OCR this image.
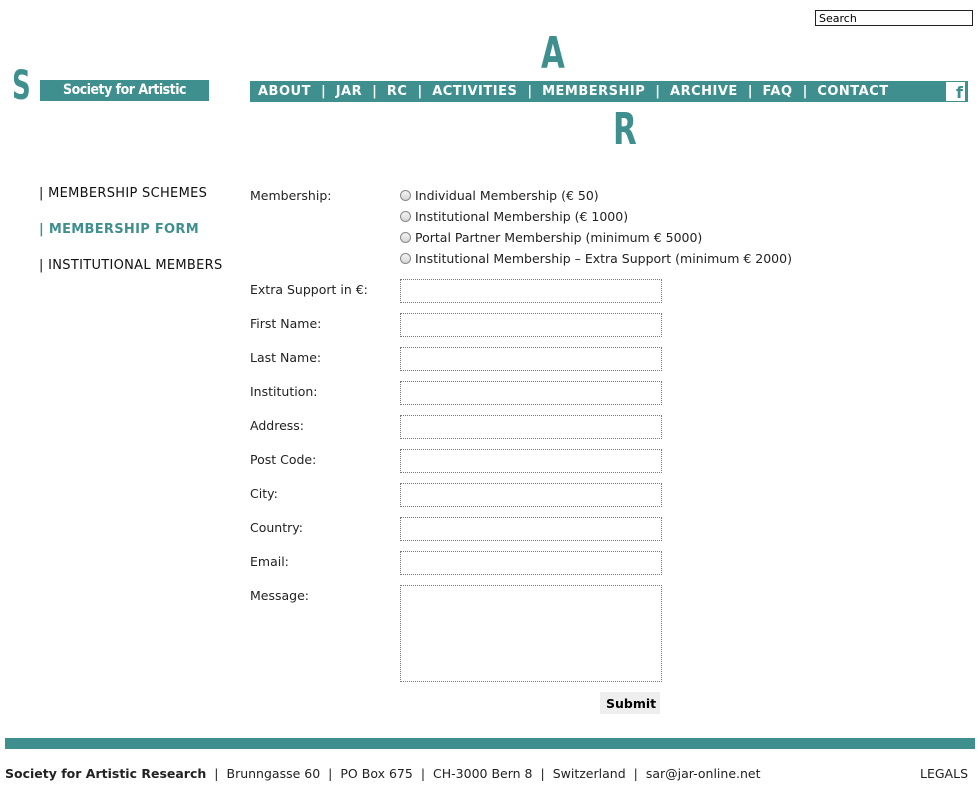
Search
S	Society for Artistic Research
A
R
ABOUT | JAR | RC | ACTIVITIES | MEMBERSHIP | ARCHIVE | FAQ | CONTACT	f
| MEMBERSHIP SCHEMES
| MEMBERSHIP FORM
| INSTITUTIONAL MEMBERS
Membership:	Individual Membership (€ 50)
Institutional Membership (€ 1000)
Portal Partner Membership (minimum € 5000)
Institutional Membership – Extra Support (minimum € 2000)
Extra Support in €:
First Name:
Last Name:
Institution:
Address:
Post Code:
City:
Country:
Email:
Message:
Submit
Society for Artistic Research | Brunngasse 60 | PO Box 675 | CH-3000 Bern 8 | Switzerland | sar@jar-online.net	LEGALS
